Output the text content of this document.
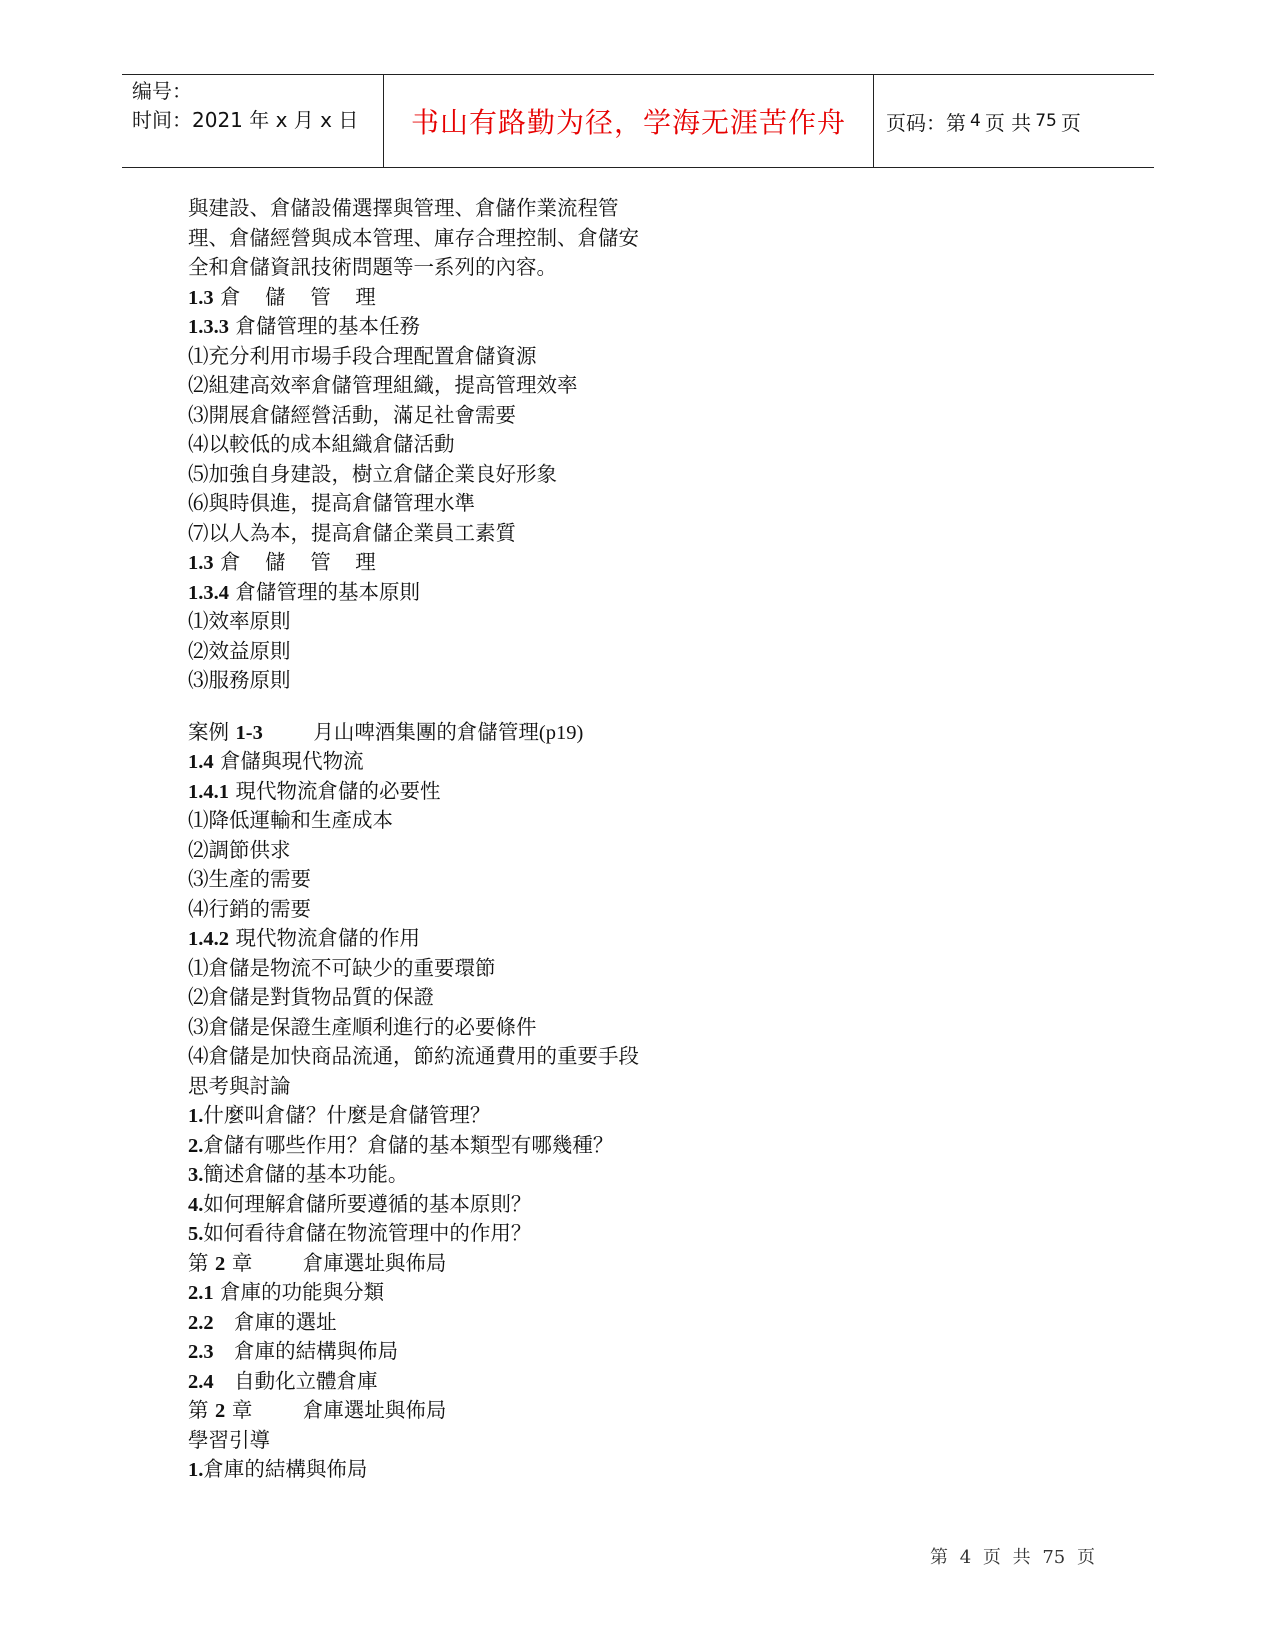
编号：
时间：2021 年 x 月 x 日	书山有路勤为径，学海无涯苦作舟 页码：第 4 页 共 75 页
與建設、倉儲設備選擇與管理、倉儲作業流程管
理、倉儲經營與成本管理、庫存合理控制、倉儲安
全和倉儲資訊技術問題等一系列的內容。
1.3 倉 儲 管 理
1.3.3 倉儲管理的基本任務
⑴充分利用市場手段合理配置倉儲資源
⑵組建高效率倉儲管理組織，提高管理效率
⑶開展倉儲經營活動，滿足社會需要
⑷以較低的成本組織倉儲活動
⑸加強自身建設，樹立倉儲企業良好形象
⑹與時俱進，提高倉儲管理水準
⑺以人為本，提高倉儲企業員工素質
1.3 倉 儲 管 理
1.3.4 倉儲管理的基本原則
⑴效率原則
⑵效益原則
⑶服務原則
案例 1-3 月山啤酒集團的倉儲管理(p19)
1.4 倉儲與現代物流
1.4.1 現代物流倉儲的必要性
⑴降低運輸和生產成本
⑵調節供求
⑶生產的需要
⑷行銷的需要
1.4.2 現代物流倉儲的作用
⑴倉儲是物流不可缺少的重要環節
⑵倉儲是對貨物品質的保證
⑶倉儲是保證生產順利進行的必要條件
⑷倉儲是加快商品流通，節約流通費用的重要手段
思考與討論
1.什麼叫倉儲？什麼是倉儲管理？
2.倉儲有哪些作用？倉儲的基本類型有哪幾種？
3.簡述倉儲的基本功能。
4.如何理解倉儲所要遵循的基本原則？
5.如何看待倉儲在物流管理中的作用？
第 2 章 倉庫選址與佈局
2.1 倉庫的功能與分類
2.2 倉庫的選址
2.3 倉庫的結構與佈局
2.4 自動化立體倉庫
第 2 章 倉庫選址與佈局
學習引導
1.倉庫的結構與佈局
第 4 页 共 75 页
